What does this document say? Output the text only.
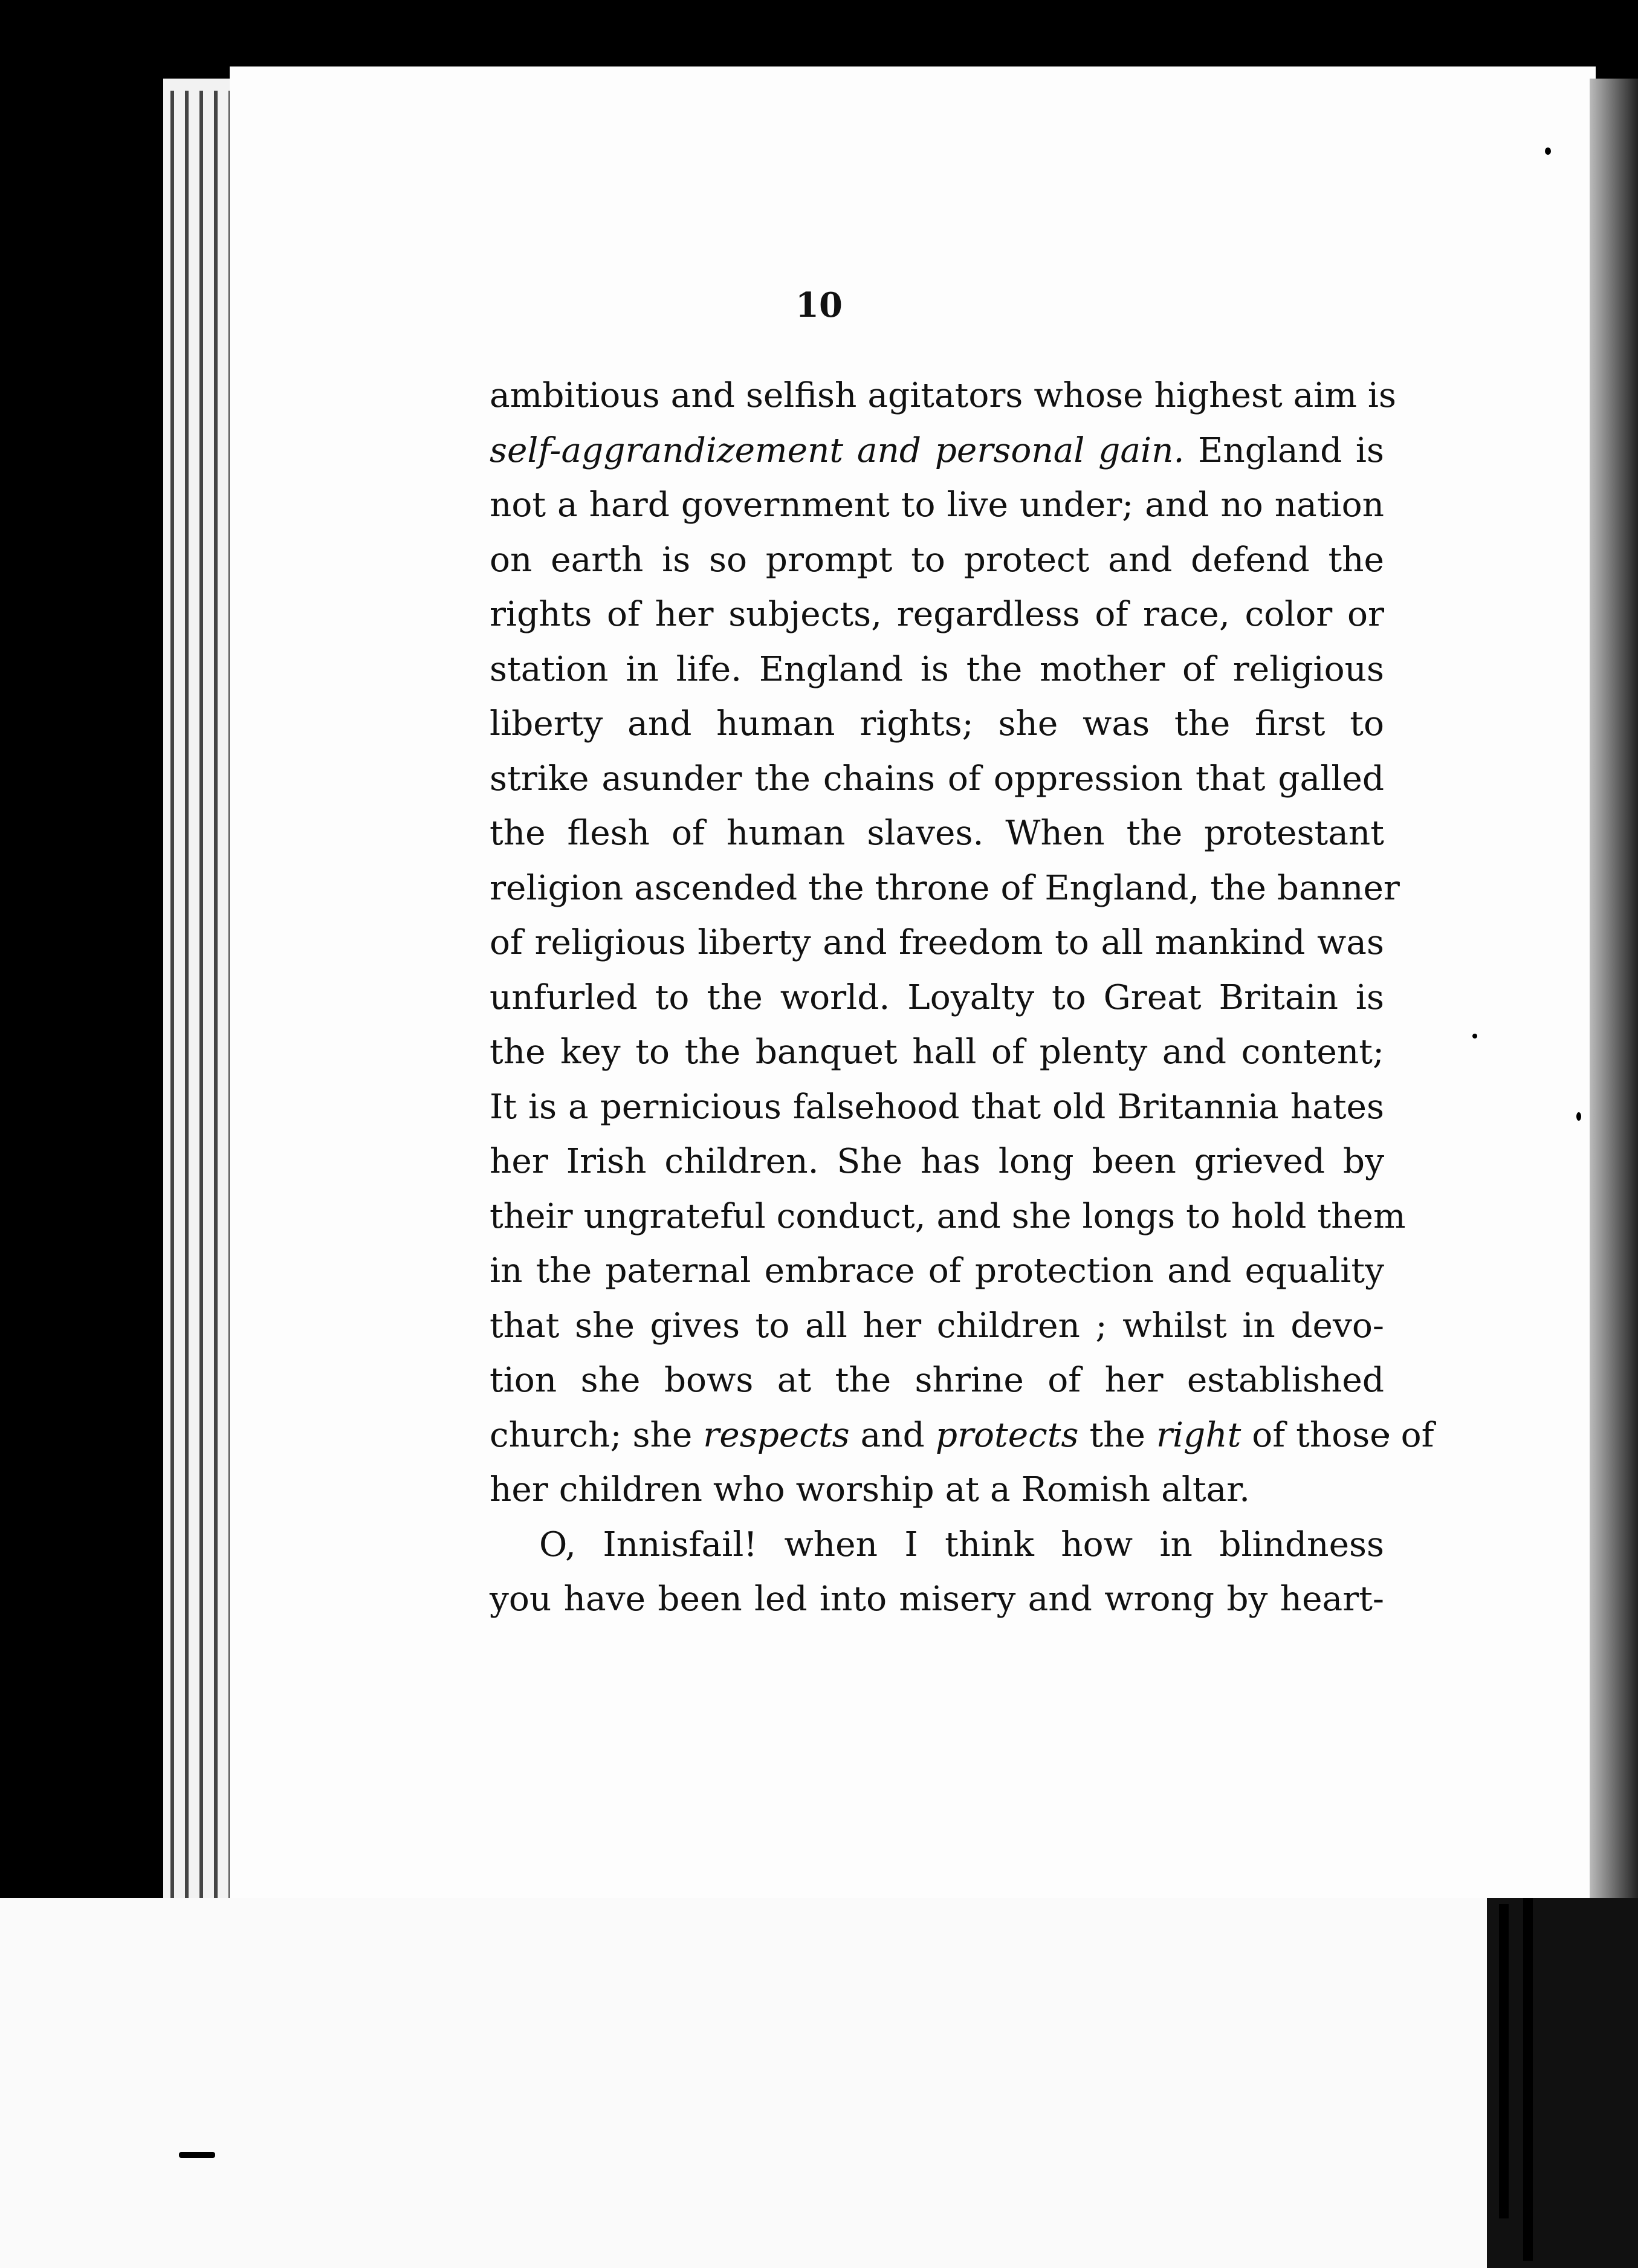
10
ambitious and selfish agitators whose highest aim is
self-aggrandizement and personal gain. England is
not a hard government to live under; and no nation
on earth is so prompt to protect and defend the
rights of her subjects, regardless of race, color or
station in life. England is the mother of religious
liberty and human rights; she was the first to
strike asunder the chains of oppression that galled
the flesh of human slaves. When the protestant
religion ascended the throne of England, the banner
of religious liberty and freedom to all mankind was
unfurled to the world. Loyalty to Great Britain is
the key to the banquet hall of plenty and content;
It is a pernicious falsehood that old Britannia hates
her Irish children. She has long been grieved by
their ungrateful conduct, and she longs to hold them
in the paternal embrace of protection and equality
that she gives to all her children ; whilst in devo-
tion she bows at the shrine of her established
church; she respects and protects the right of those of
her children who worship at a Romish altar.
O, Innisfail! when I think how in blindness
you have been led into misery and wrong by heart-
